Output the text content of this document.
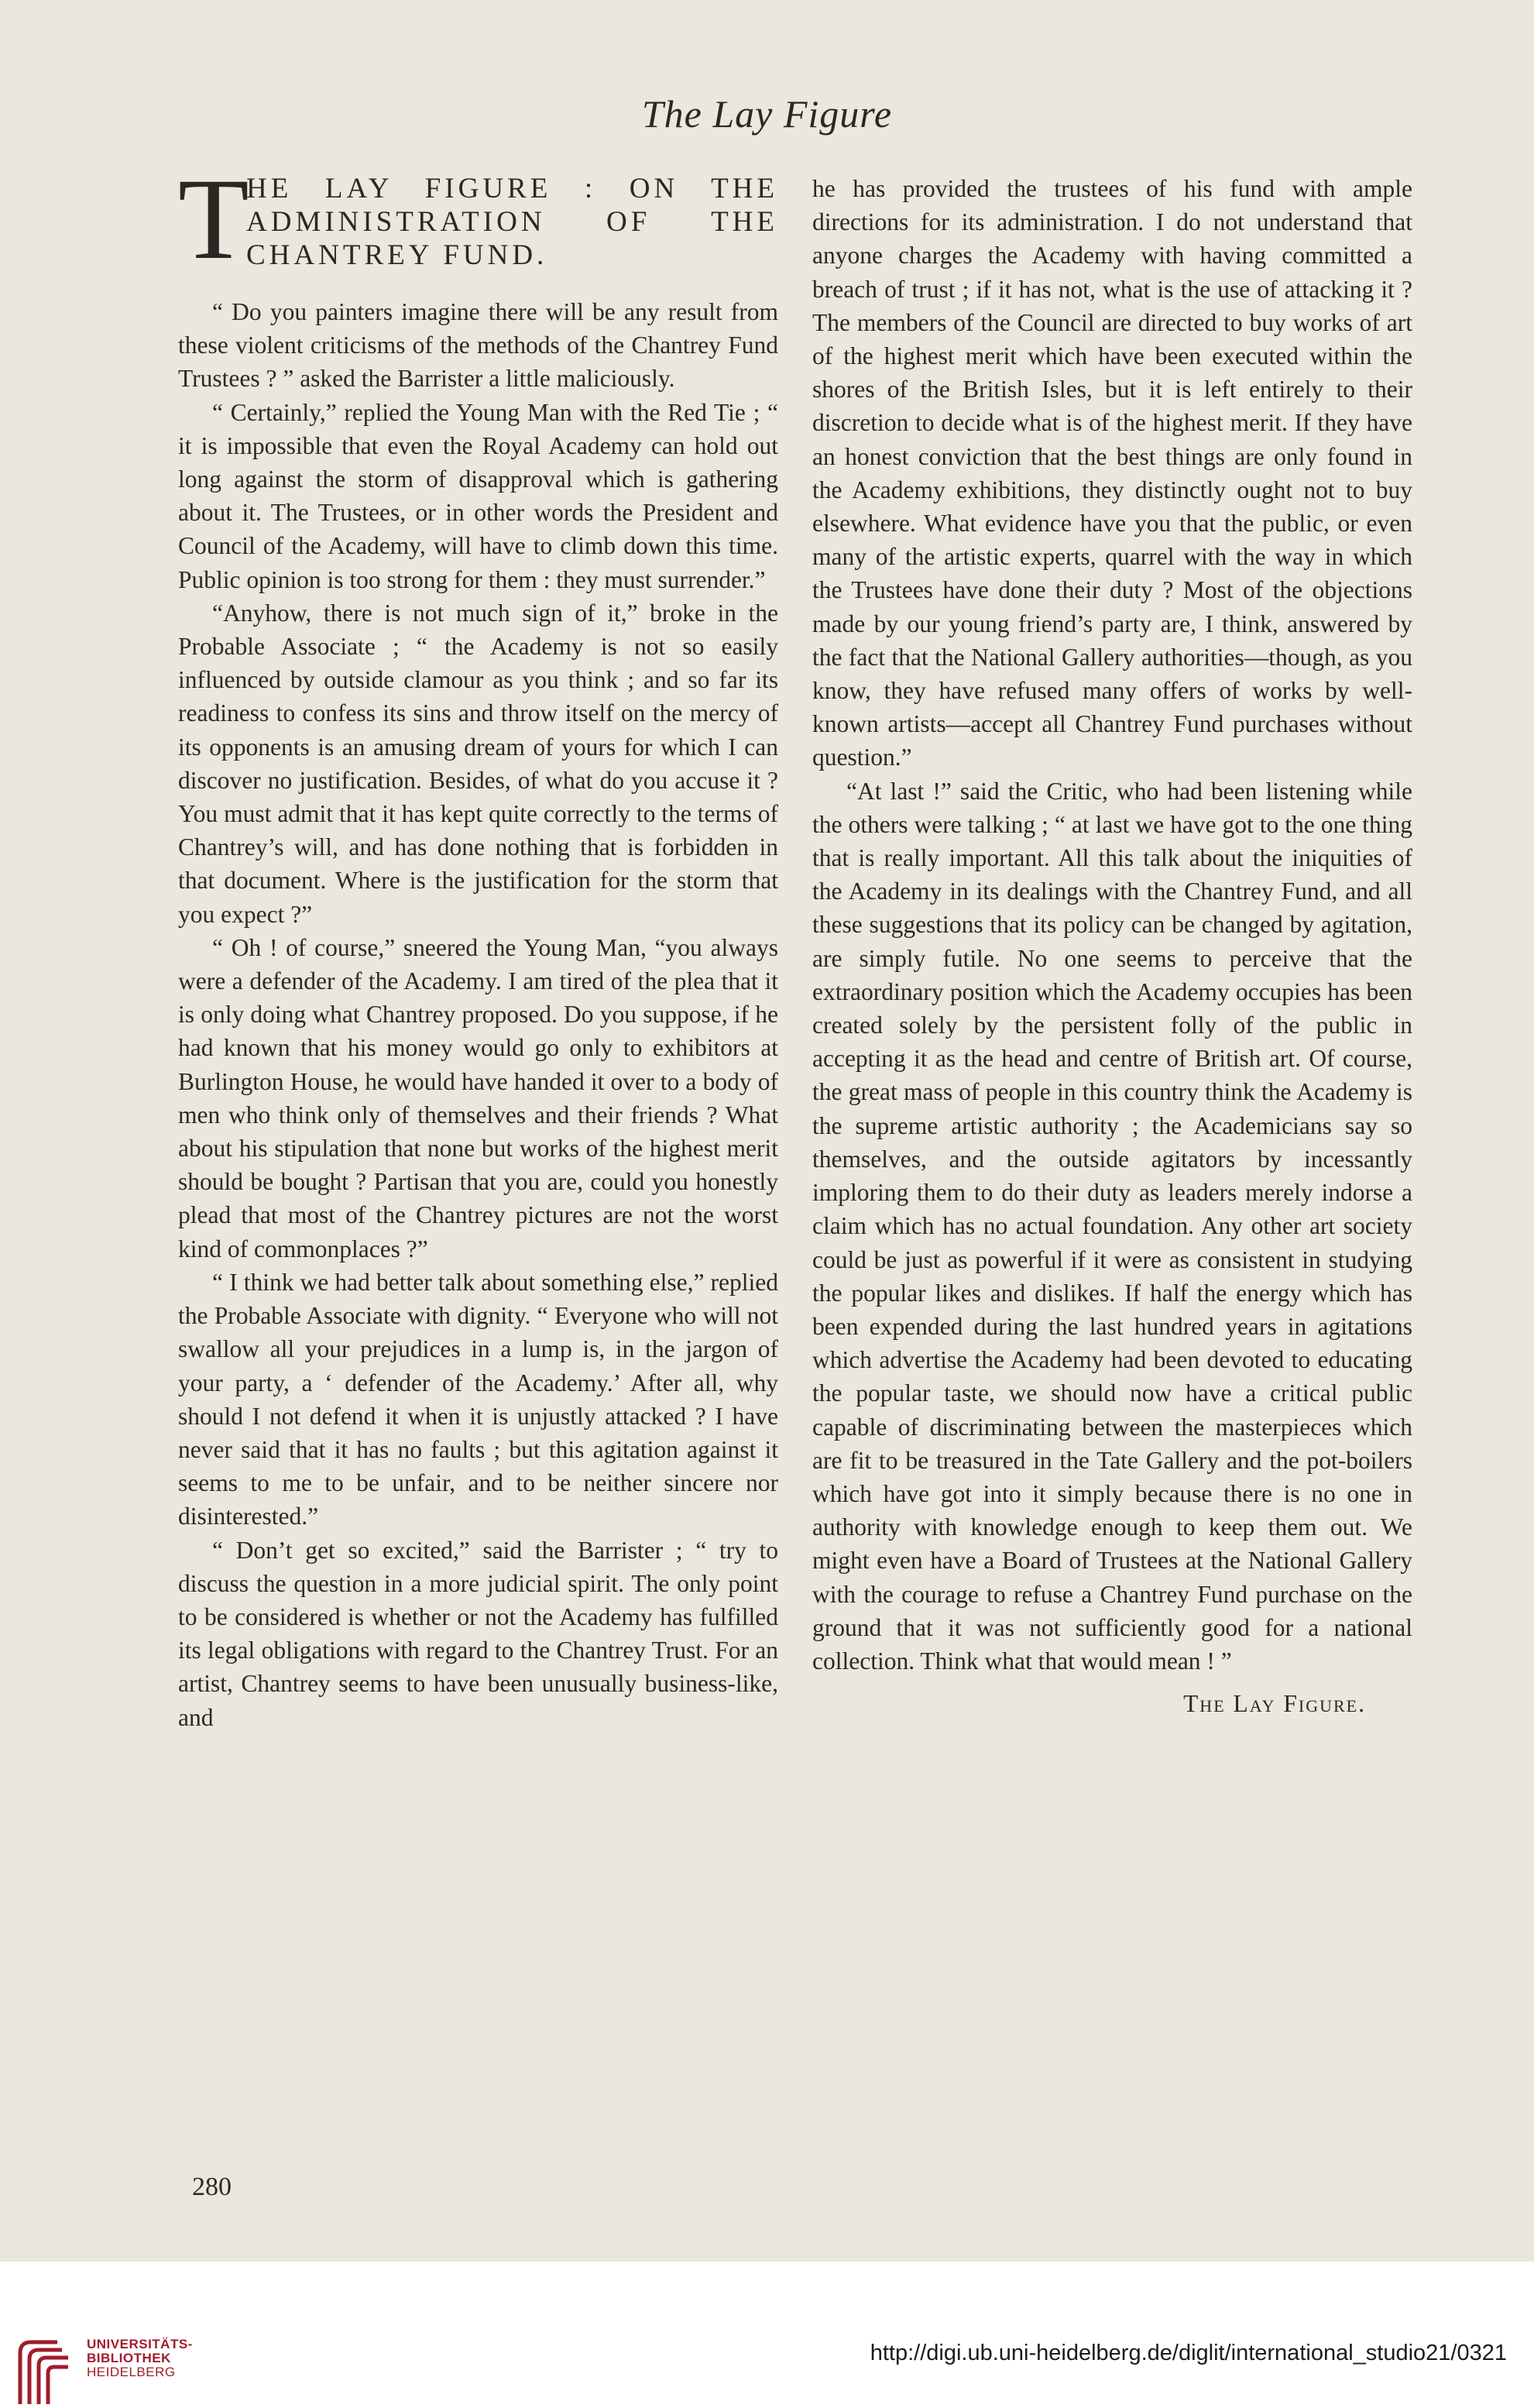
The Lay Figure
T
HE LAY FIGURE : ON THE ADMINISTRATION OF THE CHANTREY FUND.

“ Do you painters imagine there will be any result from these violent criticisms of the methods of the Chantrey Fund Trustees ? ” asked the Barrister a little maliciously.

“ Certainly,” replied the Young Man with the Red Tie ; “ it is impossible that even the Royal Academy can hold out long against the storm of disapproval which is gathering about it. The Trustees, or in other words the President and Council of the Academy, will have to climb down this time. Public opinion is too strong for them : they must surrender.”

“Anyhow, there is not much sign of it,” broke in the Probable Associate ; “ the Academy is not so easily influenced by outside clamour as you think ; and so far its readiness to confess its sins and throw itself on the mercy of its opponents is an amusing dream of yours for which I can discover no justification. Besides, of what do you accuse it ? You must admit that it has kept quite correctly to the terms of Chantrey’s will, and has done nothing that is forbidden in that document. Where is the justification for the storm that you expect ?”

“ Oh ! of course,” sneered the Young Man, “you always were a defender of the Academy. I am tired of the plea that it is only doing what Chantrey proposed. Do you suppose, if he had known that his money would go only to exhibitors at Burlington House, he would have handed it over to a body of men who think only of themselves and their friends ? What about his stipulation that none but works of the highest merit should be bought ? Partisan that you are, could you honestly plead that most of the Chantrey pictures are not the worst kind of commonplaces ?”

“ I think we had better talk about something else,” replied the Probable Associate with dignity. “ Everyone who will not swallow all your prejudices in a lump is, in the jargon of your party, a ‘ defender of the Academy.’ After all, why should I not defend it when it is unjustly attacked ? I have never said that it has no faults ; but this agitation against it seems to me to be unfair, and to be neither sincere nor disinterested.”

“ Don’t get so excited,” said the Barrister ; “ try to discuss the question in a more judicial spirit. The only point to be considered is whether or not the Academy has fulfilled its legal obligations with regard to the Chantrey Trust. For an artist, Chantrey seems to have been unusually business-like, and

he has provided the trustees of his fund with ample directions for its administration. I do not understand that anyone charges the Academy with having committed a breach of trust ; if it has not, what is the use of attacking it ? The members of the Council are directed to buy works of art of the highest merit which have been executed within the shores of the British Isles, but it is left entirely to their discretion to decide what is of the highest merit. If they have an honest conviction that the best things are only found in the Academy exhibitions, they distinctly ought not to buy elsewhere. What evidence have you that the public, or even many of the artistic experts, quarrel with the way in which the Trustees have done their duty ? Most of the objections made by our young friend’s party are, I think, answered by the fact that the National Gallery authorities—though, as you know, they have refused many offers of works by well-known artists—accept all Chantrey Fund purchases without question.”

“At last !” said the Critic, who had been listening while the others were talking ; “ at last we have got to the one thing that is really important. All this talk about the iniquities of the Academy in its dealings with the Chantrey Fund, and all these suggestions that its policy can be changed by agitation, are simply futile. No one seems to perceive that the extraordinary position which the Academy occupies has been created solely by the persistent folly of the public in accepting it as the head and centre of British art. Of course, the great mass of people in this country think the Academy is the supreme artistic authority ; the Academicians say so themselves, and the outside agitators by incessantly imploring them to do their duty as leaders merely indorse a claim which has no actual foundation. Any other art society could be just as powerful if it were as consistent in studying the popular likes and dislikes. If half the energy which has been expended during the last hundred years in agitations which advertise the Academy had been devoted to educating the popular taste, we should now have a critical public capable of discriminating between the masterpieces which are fit to be treasured in the Tate Gallery and the pot-boilers which have got into it simply because there is no one in authority with knowledge enough to keep them out. We might even have a Board of Trustees at the National Gallery with the courage to refuse a Chantrey Fund purchase on the ground that it was not sufficiently good for a national collection. Think what that would mean ! ”

The Lay Figure.
280
UNIVERSITÄTS-
BIBLIOTHEK
HEIDELBERG
http://digi.ub.uni-heidelberg.de/diglit/international_studio21/0321
